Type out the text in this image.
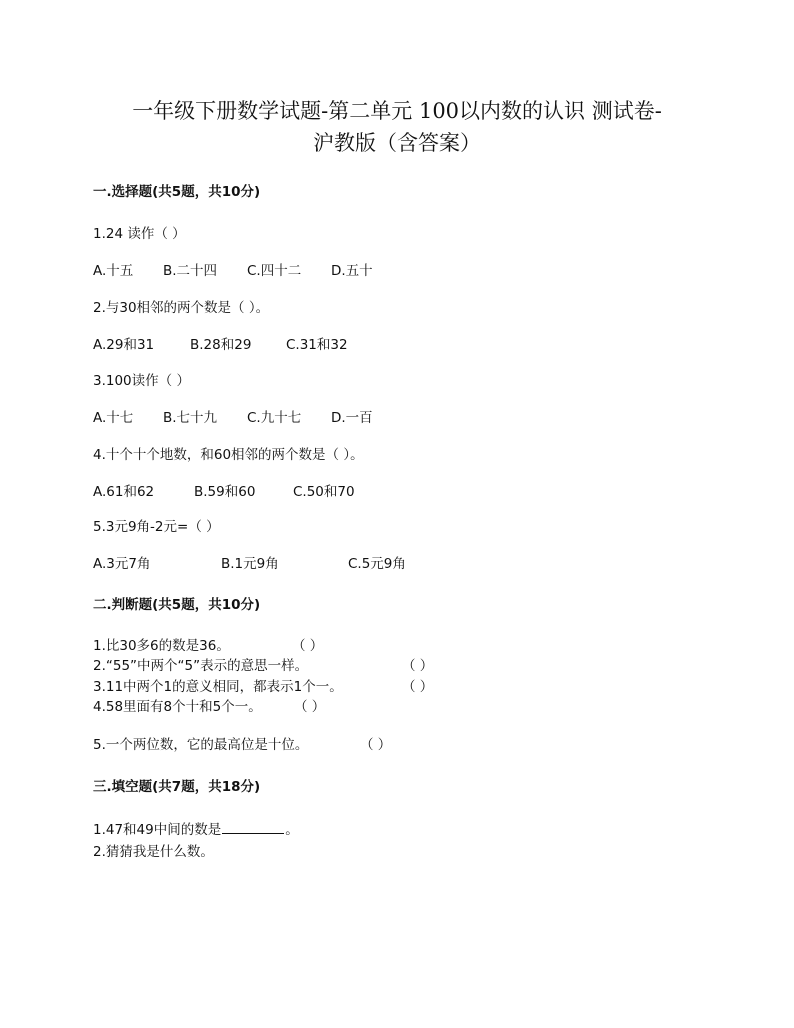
一年级下册数学试题-第二单元 100以内数的认识 测试卷-
沪教版（含答案）
一.选择题(共5题，共10分)
1.24 读作（ ）
A.十五 B.二十四 C.四十二 D.五十
2.与30相邻的两个数是（ ）。
A.29和31	B.28和29	C.31和32
3.100读作（ ）
A.十七 B.七十九 C.九十七 D.一百
4.十个十个地数，和60相邻的两个数是（ ）。
A.61和62	B.59和60	C.50和70
5.3元9角-2元=（ ）
A.3元7角	B.1元9角	C.5元9角
二.判断题(共5题，共10分)
1.比30多6的数是36。	（ ）
2.“55”中两个“5”表示的意思一样。	（ ）
3.11中两个1的意义相同，都表示1个一。	（ ）
4.58里面有8个十和5个一。 （ ）
5.一个两位数，它的最高位是十位。	（ ）
三.填空题(共7题，共18分)
1.47和49中间的数是	。
2.猜猜我是什么数。
